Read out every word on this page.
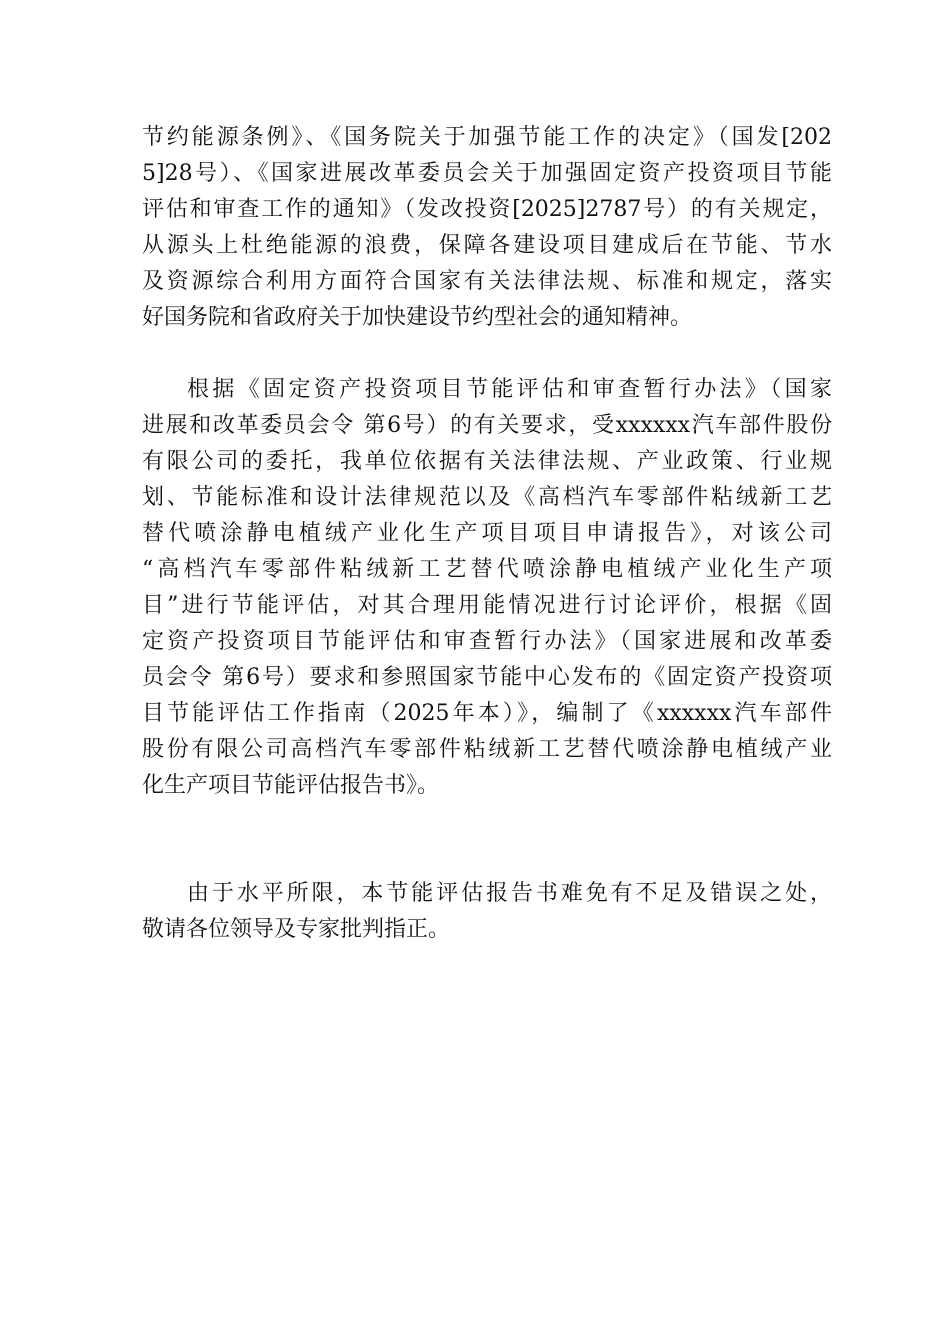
节约能源条例》、《国务院关于加强节能工作的决定》（国发[202
5]28号）、《国家进展改革委员会关于加强固定资产投资项目节能
评估和审查工作的通知》（发改投资[2025]2787号）的有关规定，
从源头上杜绝能源的浪费，保障各建设项目建成后在节能、节水
及资源综合利用方面符合国家有关法律法规、标准和规定，落实
好国务院和省政府关于加快建设节约型社会的通知精神。
根据《固定资产投资项目节能评估和审查暂行办法》（国家
进展和改革委员会令 第6号）的有关要求，受xxxxxx汽车部件股份
有限公司的委托，我单位依据有关法律法规、产业政策、行业规
划、节能标准和设计法律规范以及《高档汽车零部件粘绒新工艺
替代喷涂静电植绒产业化生产项目项目申请报告》，对该公司
“高档汽车零部件粘绒新工艺替代喷涂静电植绒产业化生产项
目”进行节能评估，对其合理用能情况进行讨论评价，根据《固
定资产投资项目节能评估和审查暂行办法》（国家进展和改革委
员会令 第6号）要求和参照国家节能中心发布的《固定资产投资项
目节能评估工作指南（2025年本）》，编制了《xxxxxx汽车部件
股份有限公司高档汽车零部件粘绒新工艺替代喷涂静电植绒产业
化生产项目节能评估报告书》。
由于水平所限，本节能评估报告书难免有不足及错误之处，
敬请各位领导及专家批判指正。
